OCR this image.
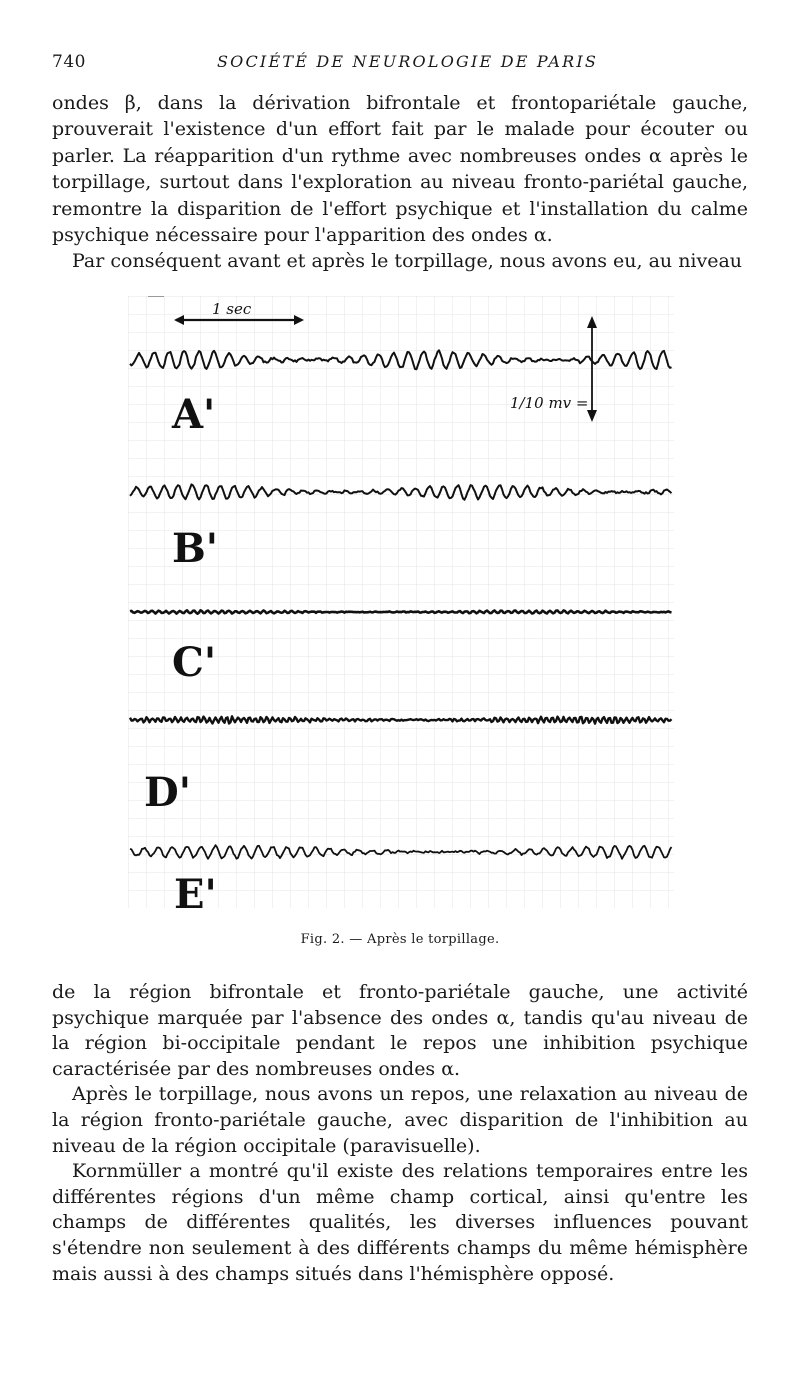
740	SOCIÉTÉ DE NEUROLOGIE DE PARIS

ondes β, dans la dérivation bifrontale et frontopariétale gauche, prouverait l'existence d'un effort fait par le malade pour écouter ou parler. La réapparition d'un rythme avec nombreuses ondes α après le torpillage, surtout dans l'exploration au niveau fronto-pariétal gauche, remontre la disparition de l'effort psychique et l'installation du calme psychique nécessaire pour l'apparition des ondes α.

Par conséquent avant et après le torpillage, nous avons eu, au niveau

1 sec
1/10 mv =
A'
B'
C'
D'
E'
Fig. 2. — Après le torpillage.

de la région bifrontale et fronto-pariétale gauche, une activité psychique marquée par l'absence des ondes α, tandis qu'au niveau de la région bi-occipitale pendant le repos une inhibition psychique caractérisée par des nombreuses ondes α.

Après le torpillage, nous avons un repos, une relaxation au niveau de la région fronto-pariétale gauche, avec disparition de l'inhibition au niveau de la région occipitale (paravisuelle).

Kornmüller a montré qu'il existe des relations temporaires entre les différentes régions d'un même champ cortical, ainsi qu'entre les champs de différentes qualités, les diverses influences pouvant s'étendre non seulement à des différents champs du même hémisphère mais aussi à des champs situés dans l'hémisphère opposé.
